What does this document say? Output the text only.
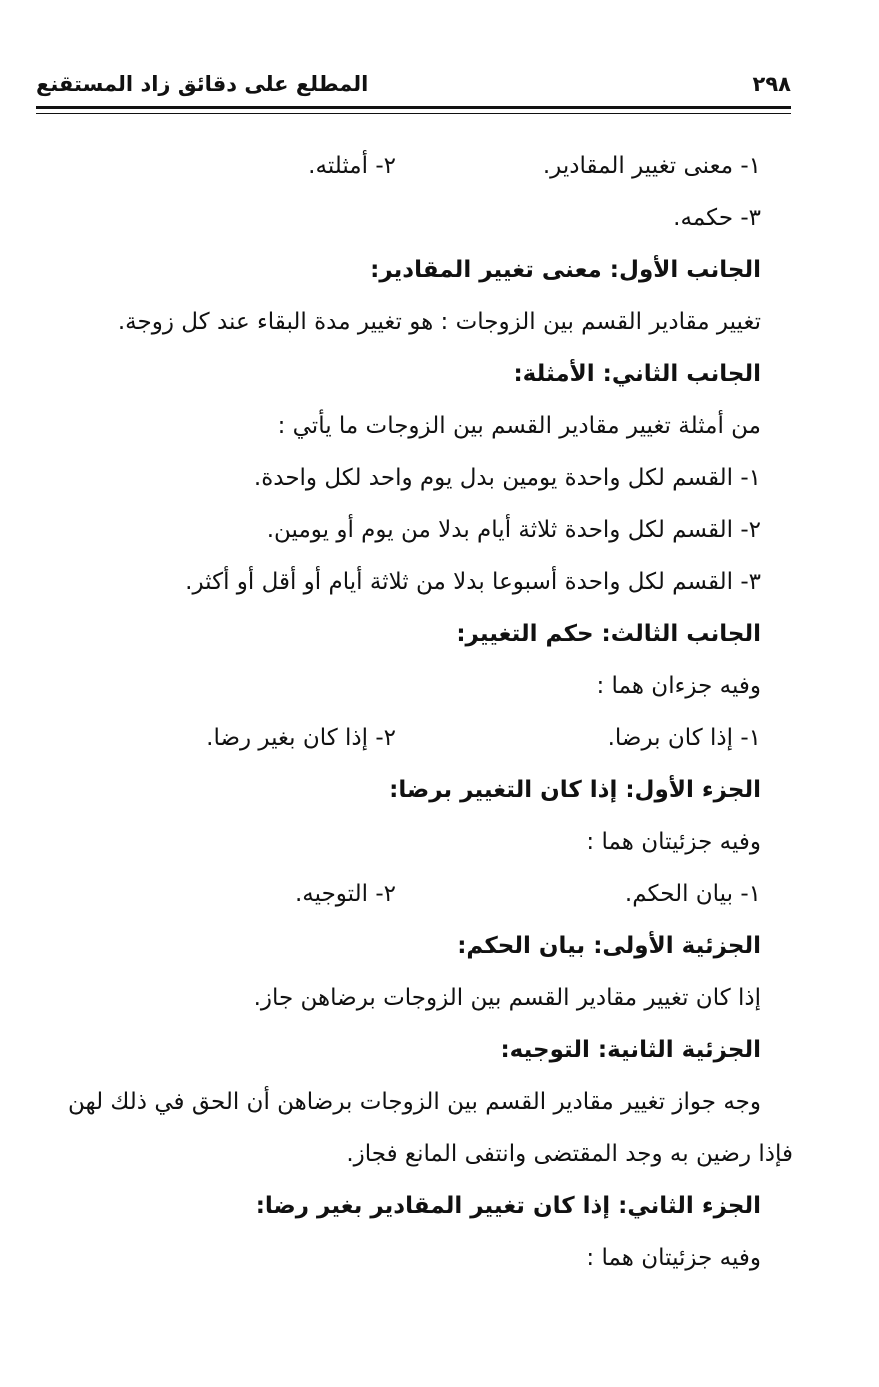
٢٩٨
المطلع على دقائق زاد المستقنع
١- معنى تغيير المقادير.
٢- أمثلته.
٣- حكمه.
الجانب الأول: معنى تغيير المقادير:
تغيير مقادير القسم بين الزوجات : هو تغيير مدة البقاء عند كل زوجة.
الجانب الثاني: الأمثلة:
من أمثلة تغيير مقادير القسم بين الزوجات ما يأتي :
١- القسم لكل واحدة يومين بدل يوم واحد لكل واحدة.
٢- القسم لكل واحدة ثلاثة أيام بدلا من يوم أو يومين.
٣- القسم لكل واحدة أسبوعا بدلا من ثلاثة أيام أو أقل أو أكثر.
الجانب الثالث: حكم التغيير:
وفيه جزءان هما :
١- إذا كان برضا.
٢- إذا كان بغير رضا.
الجزء الأول: إذا كان التغيير برضا:
وفيه جزئيتان هما :
١- بيان الحكم.
٢- التوجيه.
الجزئية الأولى: بيان الحكم:
إذا كان تغيير مقادير القسم بين الزوجات برضاهن جاز.
الجزئية الثانية: التوجيه:
وجه جواز تغيير مقادير القسم بين الزوجات برضاهن أن الحق في ذلك لهن
فإذا رضين به وجد المقتضى وانتفى المانع فجاز.
الجزء الثاني: إذا كان تغيير المقادير بغير رضا:
وفيه جزئيتان هما :
